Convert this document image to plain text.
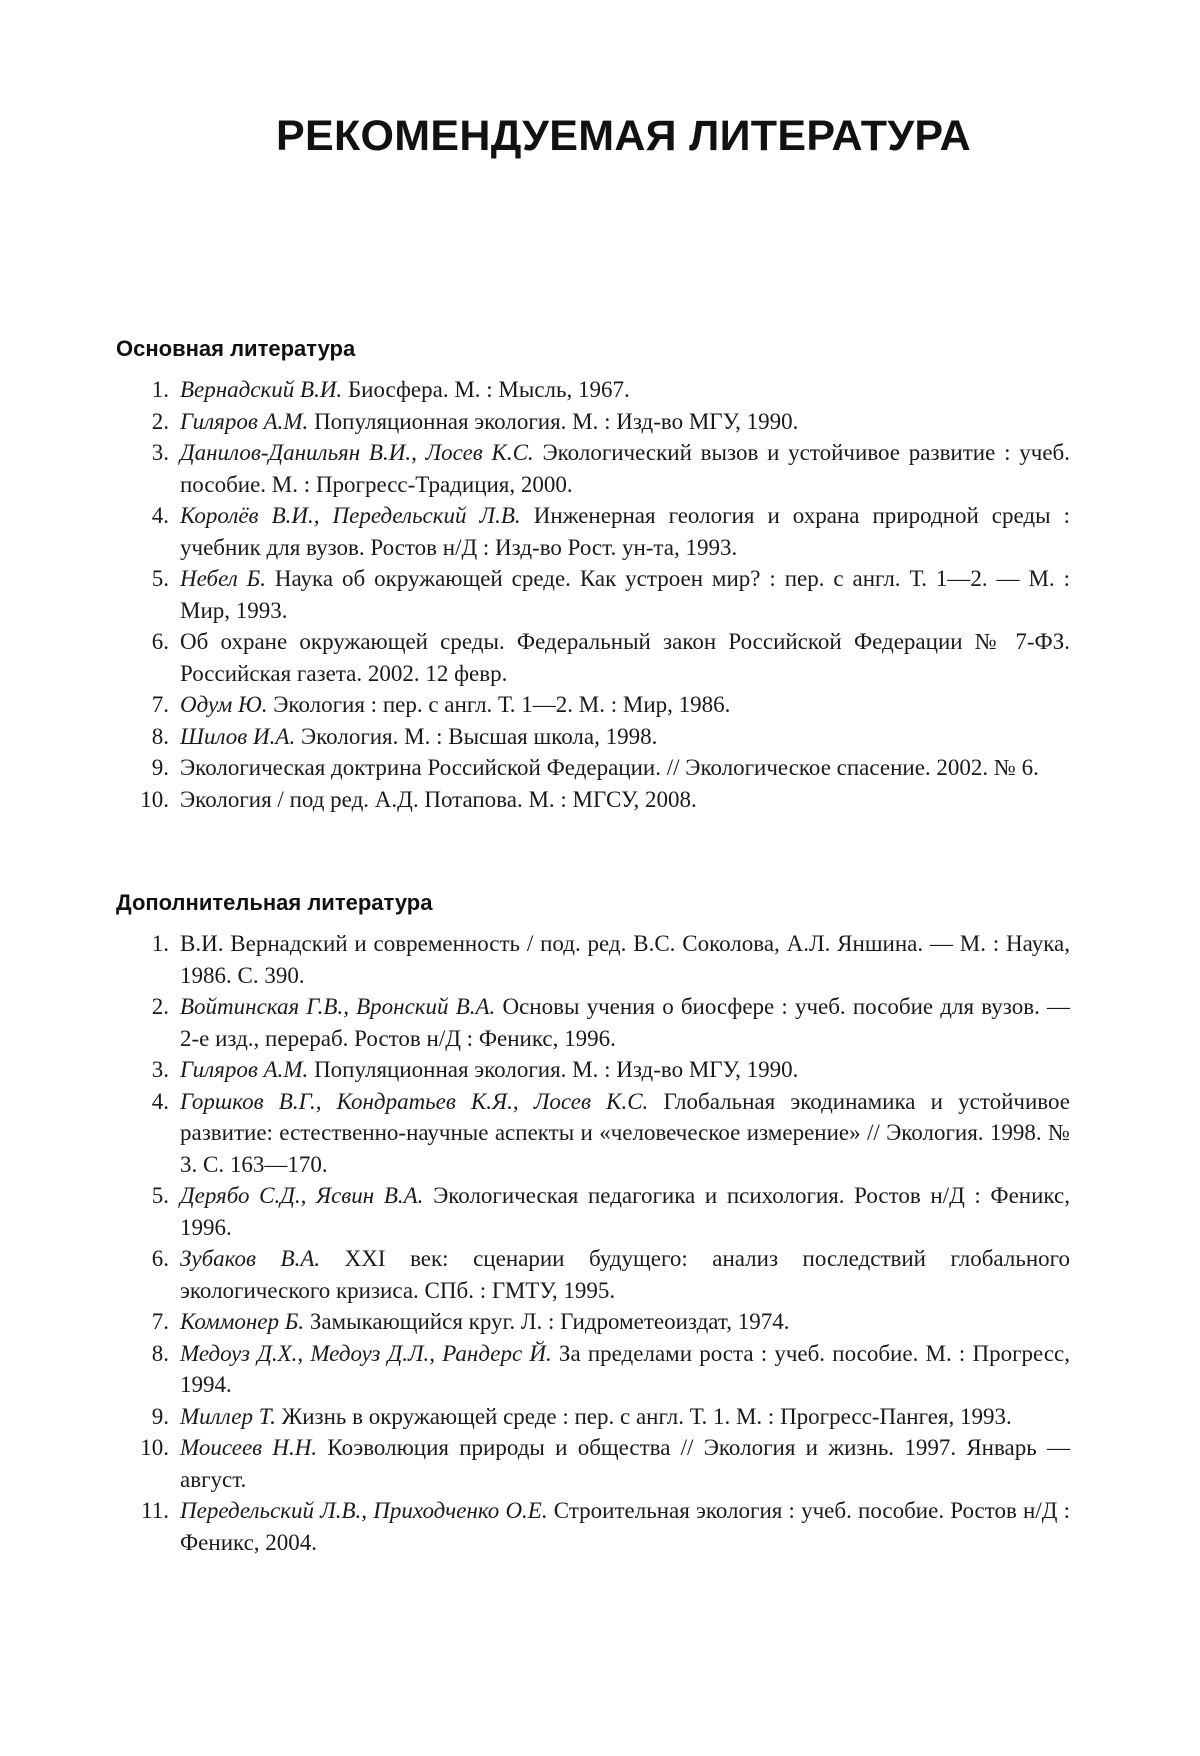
РЕКОМЕНДУЕМАЯ ЛИТЕРАТУРА
Основная литература
1. Вернадский В.И. Биосфера. М. : Мысль, 1967.
2. Гиляров А.М. Популяционная экология. М. : Изд-во МГУ, 1990.
3. Данилов-Данильян В.И., Лосев К.С. Экологический вызов и устойчивое развитие : учеб. пособие. М. : Прогресс-Традиция, 2000.
4. Королёв В.И., Передельский Л.В. Инженерная геология и охрана природной среды : учебник для вузов. Ростов н/Д : Изд-во Рост. ун-та, 1993.
5. Небел Б. Наука об окружающей среде. Как устроен мир? : пер. с англ. Т. 1—2. — М. : Мир, 1993.
6. Об охране окружающей среды. Федеральный закон Российской Федерации № 7-ФЗ. Российская газета. 2002. 12 февр.
7. Одум Ю. Экология : пер. с англ. Т. 1—2. М. : Мир, 1986.
8. Шилов И.А. Экология. М. : Высшая школа, 1998.
9. Экологическая доктрина Российской Федерации. // Экологическое спасение. 2002. № 6.
10. Экология / под ред. А.Д. Потапова. М. : МГСУ, 2008.
Дополнительная литература
1. В.И. Вернадский и современность / под. ред. В.С. Соколова, А.Л. Яншина. — М. : Наука, 1986. С. 390.
2. Войтинская Г.В., Вронский В.А. Основы учения о биосфере : учеб. пособие для вузов. — 2-е изд., перераб. Ростов н/Д : Феникс, 1996.
3. Гиляров А.М. Популяционная экология. М. : Изд-во МГУ, 1990.
4. Горшков В.Г., Кондратьев К.Я., Лосев К.С. Глобальная экодинамика и устойчивое развитие: естественно-научные аспекты и «человеческое измерение» // Экология. 1998. № 3. С. 163—170.
5. Дерябо С.Д., Ясвин В.А. Экологическая педагогика и психология. Ростов н/Д : Феникс, 1996.
6. Зубаков В.А. XXI век: сценарии будущего: анализ последствий глобального экологического кризиса. СПб. : ГМТУ, 1995.
7. Коммонер Б. Замыкающийся круг. Л. : Гидрометеоиздат, 1974.
8. Медоуз Д.Х., Медоуз Д.Л., Рандерс Й. За пределами роста : учеб. пособие. М. : Прогресс, 1994.
9. Миллер Т. Жизнь в окружающей среде : пер. с англ. Т. 1. М. : Прогресс-Пангея, 1993.
10. Моисеев Н.Н. Коэволюция природы и общества // Экология и жизнь. 1997. Январь — август.
11. Передельский Л.В., Приходченко О.Е. Строительная экология : учеб. пособие. Ростов н/Д : Феникс, 2004.
